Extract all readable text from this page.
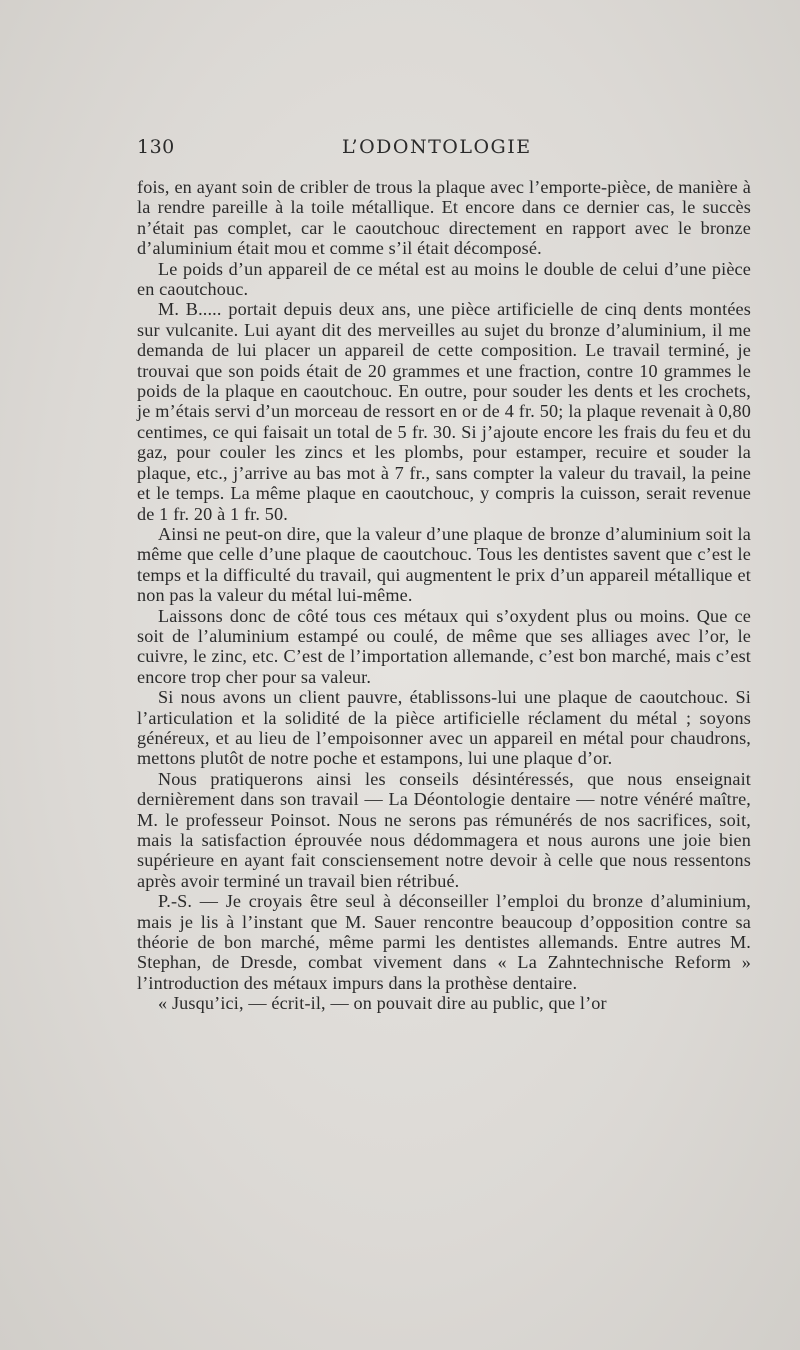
130	L’ODONTOLOGIE

fois, en ayant soin de cribler de trous la plaque avec l’emporte-pièce, de manière à la rendre pareille à la toile métallique. Et encore dans ce dernier cas, le succès n’était pas complet, car le caoutchouc directement en rapport avec le bronze d’aluminium était mou et comme s’il était décomposé.

Le poids d’un appareil de ce métal est au moins le double de celui d’une pièce en caoutchouc.

M. B..... portait depuis deux ans, une pièce artificielle de cinq dents montées sur vulcanite. Lui ayant dit des merveilles au sujet du bronze d’aluminium, il me demanda de lui placer un appareil de cette composition. Le travail terminé, je trouvai que son poids était de 20 grammes et une fraction, contre 10 grammes le poids de la plaque en caoutchouc. En outre, pour souder les dents et les crochets, je m’étais servi d’un morceau de ressort en or de 4 fr. 50; la plaque revenait à 0,80 centimes, ce qui faisait un total de 5 fr. 30. Si j’ajoute encore les frais du feu et du gaz, pour couler les zincs et les plombs, pour estamper, recuire et souder la plaque, etc., j’arrive au bas mot à 7 fr., sans compter la valeur du travail, la peine et le temps. La même plaque en caoutchouc, y compris la cuisson, serait revenue de 1 fr. 20 à 1 fr. 50.

Ainsi ne peut-on dire, que la valeur d’une plaque de bronze d’aluminium soit la même que celle d’une plaque de caoutchouc. Tous les dentistes savent que c’est le temps et la difficulté du travail, qui augmentent le prix d’un appareil métallique et non pas la valeur du métal lui-même.

Laissons donc de côté tous ces métaux qui s’oxydent plus ou moins. Que ce soit de l’aluminium estampé ou coulé, de même que ses alliages avec l’or, le cuivre, le zinc, etc. C’est de l’importation allemande, c’est bon marché, mais c’est encore trop cher pour sa valeur.

Si nous avons un client pauvre, établissons-lui une plaque de caoutchouc. Si l’articulation et la solidité de la pièce artificielle réclament du métal ; soyons généreux, et au lieu de l’empoisonner avec un appareil en métal pour chaudrons, mettons plutôt de notre poche et estampons, lui une plaque d’or.

Nous pratiquerons ainsi les conseils désintéressés, que nous enseignait dernièrement dans son travail — La Déontologie dentaire — notre vénéré maître, M. le professeur Poinsot. Nous ne serons pas rémunérés de nos sacrifices, soit, mais la satisfaction éprouvée nous dédommagera et nous aurons une joie bien supérieure en ayant fait consciensement notre devoir à celle que nous ressentons après avoir terminé un travail bien rétribué.

P.-S. — Je croyais être seul à déconseiller l’emploi du bronze d’aluminium, mais je lis à l’instant que M. Sauer rencontre beaucoup d’opposition contre sa théorie de bon marché, même parmi les dentistes allemands. Entre autres M. Stephan, de Dresde, combat vivement dans « La Zahntechnische Reform » l’introduction des métaux impurs dans la prothèse dentaire.

« Jusqu’ici, — écrit-il, — on pouvait dire au public, que l’or
